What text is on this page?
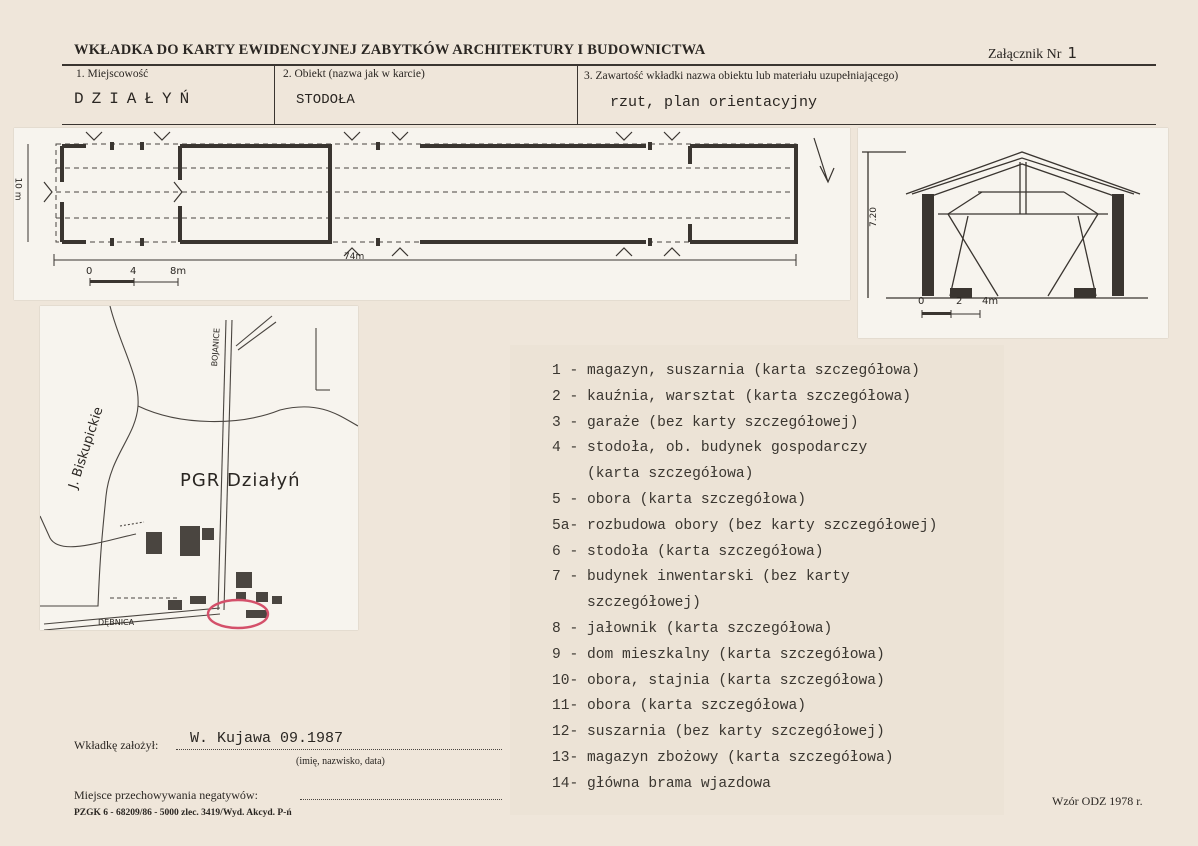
WKŁADKA DO KARTY EWIDENCYJNEJ ZABYTKÓW ARCHITEKTURY I BUDOWNICTWA	Załącznik Nr 1
1. Miejscowość
DZIAŁYŃ
2. Obiekt (nazwa jak w karcie)
STODOŁA
3. Zawartość wkładki nazwa obiektu lub materiału uzupełniającego)
rzut, plan orientacyjny
10 m
74m
0	4	8m
7.20
0	2 4m
PGR Działyń
J. Biskupickie
BOJANICE
DĘBNICA
1 - magazyn, suszarnia (karta szczegółowa)
2 - kauźnia, warsztat (karta szczegółowa)
3 - garaże (bez karty szczegółowej)
4 - stodoła, ob. budynek gospodarczy
(karta szczegółowa)
5 - obora (karta szczegółowa)
5a- rozbudowa obory (bez karty szczegółowej)
6 - stodoła (karta szczegółowa)
7 - budynek inwentarski (bez karty
szczegółowej)
8 - jałownik (karta szczegółowa)
9 - dom mieszkalny (karta szczegółowa)
10- obora, stajnia (karta szczegółowa)
11- obora (karta szczegółowa)
12- suszarnia (bez karty szczegółowej)
13- magazyn zbożowy (karta szczegółowa)
14- główna brama wjazdowa
Wkładkę założył: W. Kujawa 09.1987
(imię, nazwisko, data)
Miejsce przechowywania negatywów:
PZGK 6 - 68209/86 - 5000 zlec. 3419/Wyd. Akcyd. P-ń
Wzór ODZ 1978 r.
